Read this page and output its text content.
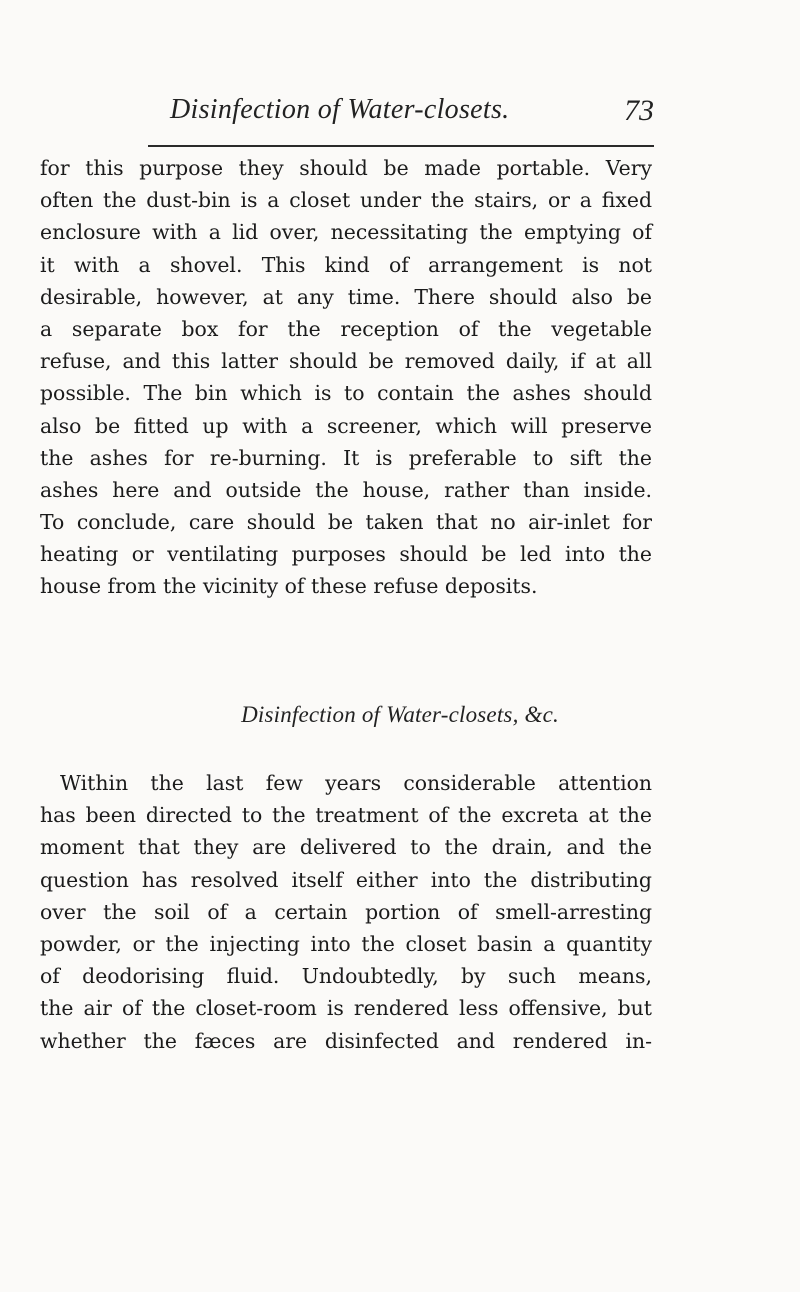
Disinfection of Water-closets.	73

for this purpose they should be made portable. Very
often the dust-bin is a closet under the stairs, or a fixed
enclosure with a lid over, necessitating the emptying of
it with a shovel. This kind of arrangement is not
desirable, however, at any time. There should also be
a separate box for the reception of the vegetable
refuse, and this latter should be removed daily, if at all
possible. The bin which is to contain the ashes should
also be fitted up with a screener, which will preserve
the ashes for re-burning. It is preferable to sift the
ashes here and outside the house, rather than inside.
To conclude, care should be taken that no air-inlet for
heating or ventilating purposes should be led into the
house from the vicinity of these refuse deposits.

Disinfection of Water-closets, &c.

Within the last few years considerable attention
has been directed to the treatment of the excreta at the
moment that they are delivered to the drain, and the
question has resolved itself either into the distributing
over the soil of a certain portion of smell-arresting
powder, or the injecting into the closet basin a quantity
of deodorising fluid. Undoubtedly, by such means,
the air of the closet-room is rendered less offensive, but
whether the fæces are disinfected and rendered in-
